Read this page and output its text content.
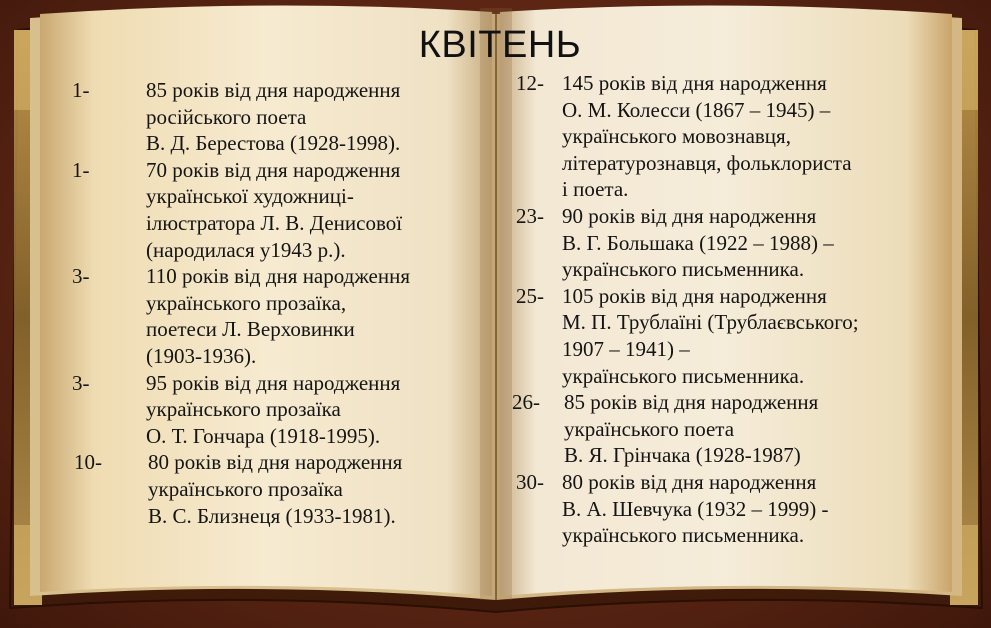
КВІТЕНЬ
1-	85 років від дня народження
російського поета
В. Д. Берестова (1928-1998).
1-	70 років від дня народження
української художниці-
ілюстратора Л. В. Денисової
(народилася у1943 р.).
3-	110 років від дня народження
українського прозаїка,
поетеси Л. Верховинки
(1903-1936).
3-	95 років від дня народження
українського прозаїка
О. Т. Гончара (1918-1995).
10- 80 років від дня народження
українського прозаїка
В. С. Близнеця (1933-1981).
12- 145 років від дня народження
О. М. Колесси (1867 – 1945) –
українського мовознавця,
літературознавця, фольклориста
і поета.
23- 90 років від дня народження
В. Г. Большака (1922 – 1988) –
українського письменника.
25- 105 років від дня народження
М. П. Трублаїні (Трублаєвського;
1907 – 1941) –
українського письменника.
26- 85 років від дня народження
українського поета
В. Я. Грінчака (1928-1987)
30- 80 років від дня народження
В. А. Шевчука (1932 – 1999) -
українського письменника.
